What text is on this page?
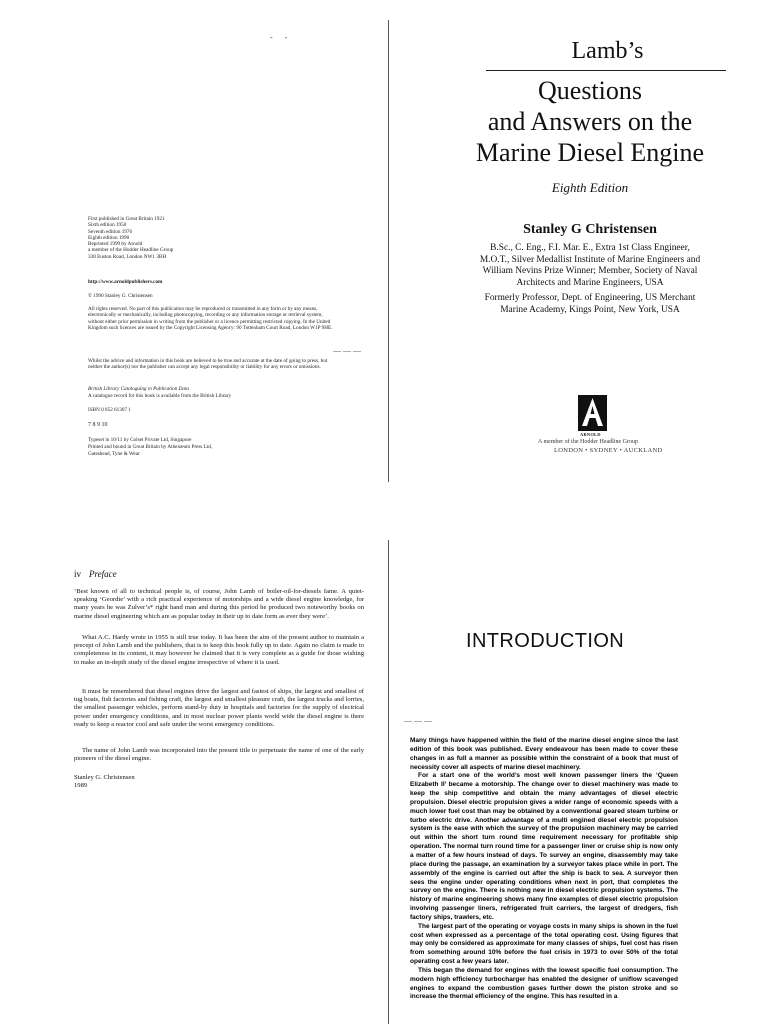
-      -
— — —
— — —
First published in Great Britain 1921
Sixth edition 1950
Seventh edition 1976
Eighth edition 1990
Reprinted 1999 by Arnold
a member of the Hodder Headline Group
338 Euston Road, London NW1 3BH
http://www.arnoldpublishers.com
© 1990 Stanley G. Christensen
All rights reserved. No part of this publication may be reproduced or transmitted in any form or by any means, electronically or mechanically, including photocopying, recording or any information storage or retrieval system, without either prior permission in writing from the publisher or a licence permitting restricted copying. In the United Kingdom such licences are issued by the Copyright Licensing Agency: 90 Tottenham Court Road, London W1P 9HE.
Whilst the advice and information in this book are believed to be true and accurate at the date of going to press, but neither the author(s) nor the publisher can accept any legal responsibility or liability for any errors or omissions.
British Library Cataloguing in Publication Data
A catalogue record for this book is available from the British Library
ISBN 0 852 61307 1
7 8 9 10
Typeset in 10/11 by Colset Private Ltd, Singapore
Printed and bound in Great Britain by Athenæum Press Ltd,
Gateshead, Tyne & Wear
Lamb’s
Questions
and Answers on the
Marine Diesel Engine
Eighth Edition
Stanley G Christensen
B.Sc., C. Eng., F.I. Mar. E., Extra 1st Class Engineer,
M.O.T., Silver Medallist Institute of Marine Engineers and
William Nevins Prize Winner; Member, Society of Naval
Architects and Marine Engineers, USA
Formerly Professor, Dept. of Engineering, US Merchant
Marine Academy, Kings Point, New York, USA
ARNOLD
A member of the Hodder Headline Group
LONDON • SYDNEY • AUCKLAND
iv Preface
‘Best known of all to technical people is, of course, John Lamb of boiler-oil-for-diesels fame. A quiet-speaking ‘Geordie’ with a rich practical experience of motorships and a wide diesel engine knowledge, for many years he was Zulver’s* right hand man and during this period he produced two noteworthy books on marine diesel engineering which are as popular today in their up to date form as ever they were’.
What A.C. Hardy wrote in 1955 is still true today. It has been the aim of the present author to maintain a precept of John Lamb and the publishers, that is to keep this book fully up to date. Again no claim is made to completeness in its content, it may however be claimed that it is very complete as a guide for those wishing to make an in-depth study of the diesel engine irrespective of where it is used.
It must be remembered that diesel engines drive the largest and fastest of ships, the largest and smallest of tug boats, fish factories and fishing craft, the largest and smallest pleasure craft, the largest trucks and lorries, the smallest passenger vehicles, perform stand-by duty in hospitals and factories for the supply of electrical power under emergency conditions, and in most nuclear power plants world wide the diesel engine is there ready to keep a reactor cool and safe under the worst emergency conditions.
The name of John Lamb was incorporated into the present title to perpetuate the name of one of the early pioneers of the diesel engine.
Stanley G. Christensen
1989
INTRODUCTION

Many things have happened within the field of the marine diesel engine since the last edition of this book was published. Every endeavour has been made to cover these changes in as full a manner as possible within the constraint of a book that must of necessity cover all aspects of marine diesel machinery.

For a start one of the world’s most well known passenger liners the ‘Queen Elizabeth II’ became a motorship. The change over to diesel machinery was made to keep the ship competitive and obtain the many advantages of diesel electric propulsion. Diesel electric propulsion gives a wider range of economic speeds with a much lower fuel cost than may be obtained by a conventional geared steam turbine or turbo electric drive. Another advantage of a multi engined diesel electric propulsion system is the ease with which the survey of the propulsion machinery may be carried out within the short turn round time requirement necessary for profitable ship operation. The normal turn round time for a passenger liner or cruise ship is now only a matter of a few hours instead of days. To survey an engine, disassembly may take place during the passage, an examination by a surveyor takes place while in port. The assembly of the engine is carried out after the ship is back to sea. A surveyor then sees the engine under operating conditions when next in port, that completes the survey on the engine. There is nothing new in diesel electric propulsion systems. The history of marine engineering shows many fine examples of diesel electric propulsion involving passenger liners, refrigerated fruit carriers, the largest of dredgers, fish factory ships, trawlers, etc.

The largest part of the operating or voyage costs in many ships is shown in the fuel cost when expressed as a percentage of the total operating cost. Using figures that may only be considered as approximate for many classes of ships, fuel cost has risen from something around 10% before the fuel crisis in 1973 to over 50% of the total operating cost a few years later.

This began the demand for engines with the lowest specific fuel consumption. The modern high efficiency turbocharger has enabled the designer of uniflow scavenged engines to expand the combustion gases further down the piston stroke and so increase the thermal efficiency of the engine. This has resulted in a
